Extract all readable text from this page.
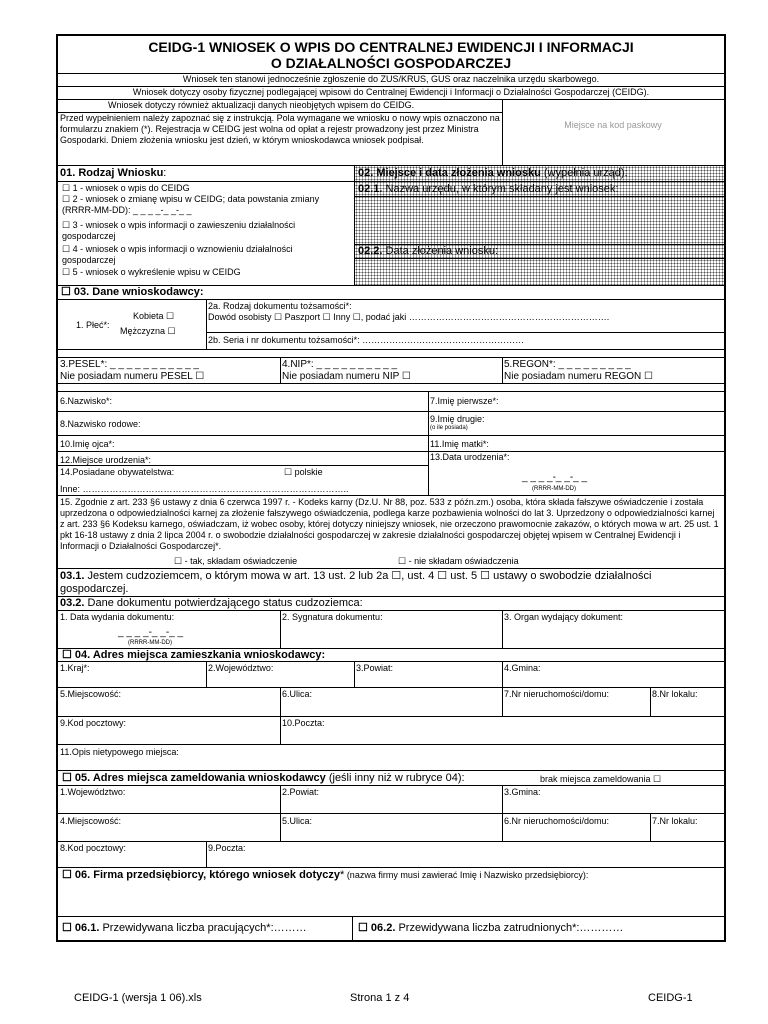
CEIDG-1 WNIOSEK O WPIS DO CENTRALNEJ EWIDENCJI I INFORMACJI
O DZIAŁALNOŚCI GOSPODARCZEJ
Wniosek ten stanowi jednocześnie zgłoszenie do ZUS/KRUS, GUS oraz naczelnika urzędu skarbowego.
Wniosek dotyczy osoby fizycznej podlegającej wpisowi do Centralnej Ewidencji i Informacji o Działalności Gospodarczej (CEIDG).
Wniosek dotyczy również aktualizacji danych nieobjętych wpisem do CEIDG.
Przed wypełnieniem należy zapoznać się z instrukcją. Pola wymagane we wniosku o nowy wpis oznaczono na formularzu znakiem (*). Rejestracja w CEIDG jest wolna od opłat a rejestr prowadzony jest przez Ministra Gospodarki. Dniem złożenia wniosku jest dzień, w którym wnioskodawca wniosek podpisał.
Miejsce na kod paskowy
01. Rodzaj Wniosku:
☐ 1 - wniosek o wpis do CEIDG
☐ 2 - wniosek o zmianę wpisu w CEIDG; data powstania zmiany
(RRRR-MM-DD): _ _ _ _-_ _-_ _
☐ 3 - wniosek o wpis informacji o zawieszeniu działalności
gospodarczej
☐ 4 - wniosek o wpis informacji o wznowieniu działalności
gospodarczej
☐ 5 - wniosek o wykreślenie wpisu w CEIDG
02. Miejsce i data złożenia wniosku (wypełnia urząd):
02.1. Nazwa urzędu, w którym składany jest wniosek:
02.2. Data złożenia wniosku:
☐ 03. Dane wnioskodawcy:
1. Płeć*:
Kobieta ☐
Mężczyzna ☐
2a. Rodzaj dokumentu tożsamości*:
Dowód osobisty ☐ Paszport ☐ Inny ☐, podać jaki ………………………………………………………….
2b. Seria i nr dokumentu tożsamości*: ………………………………………………
3.PESEL*: _ _ _ _ _ _ _ _ _ _ _
Nie posiadam numeru PESEL ☐
4.NIP*: _ _ _ _ _ _ _ _ _ _
Nie posiadam numeru NIP ☐
5.REGON*: _ _ _ _ _ _ _ _ _
Nie posiadam numeru REGON ☐
6.Nazwisko*:	7.Imię pierwsze*:
8.Nazwisko rodowe:	9.Imię drugie:
(o ile posiada)
10.Imię ojca*:	11.Imię matki*:
12.Miejsce urodzenia*:
14.Posiadane obywatelstwa:	☐ polskie
Inne: ……………………………………………………………………………..
13.Data urodzenia*:
_ _ _ _-_ _-_ _
(RRRR-MM-DD)
15. Zgodnie z art. 233 §6 ustawy z dnia 6 czerwca 1997 r. - Kodeks karny (Dz.U. Nr 88, poz. 533 z późn.zm.) osoba, która składa fałszywe oświadczenie i została uprzedzona o odpowiedzialności karnej za złożenie fałszywego oświadczenia, podlega karze pozbawienia wolności do lat 3. Uprzedzony o odpowiedzialności karnej z art. 233 §6 Kodeksu karnego, oświadczam, iż wobec osoby, której dotyczy niniejszy wniosek, nie orzeczono prawomocnie zakazów, o których mowa w art. 25 ust. 1 pkt 16-18 ustawy z dnia 2 lipca 2004 r. o swobodzie działalności gospodarczej w zakresie działalności gospodarczej objętej wpisem w Centralnej Ewidencji i Informacji o Działalności Gospodarczej*.
☐ - tak, składam oświadczenie	☐ - nie składam oświadczenia
03.1. Jestem cudzoziemcem, o którym mowa w art. 13 ust. 2 lub 2a ☐, ust. 4 ☐ ust. 5 ☐ ustawy o swobodzie działalności gospodarczej.
03.2. Dane dokumentu potwierdzającego status cudzoziemca:
1. Data wydania dokumentu:
_ _ _ _-_ _-_ _
(RRRR-MM-DD)
2. Sygnatura dokumentu:	3. Organ wydający dokument:
☐ 04. Adres miejsca zamieszkania wnioskodawcy:
1.Kraj*:	2.Województwo:	3.Powiat:	4.Gmina:
5.Miejscowość:	6.Ulica:	7.Nr nieruchomości/domu:	8.Nr lokalu:
9.Kod pocztowy:	10.Poczta:
11.Opis nietypowego miejsca:
☐ 05. Adres miejsca zameldowania wnioskodawcy (jeśli inny niż w rubryce 04):	brak miejsca zameldowania ☐
1.Województwo:	2.Powiat:	3.Gmina:
4.Miejscowość:	5.Ulica:	6.Nr nieruchomości/domu:	7.Nr lokalu:
8.Kod pocztowy:	9.Poczta:
☐ 06. Firma przedsiębiorcy, którego wniosek dotyczy* (nazwa firmy musi zawierać Imię i Nazwisko przedsiębiorcy):
☐ 06.1. Przewidywana liczba pracujących*:………	☐ 06.2. Przewidywana liczba zatrudnionych*:…………
CEIDG-1 (wersja 1 06).xls	Strona 1 z 4	CEIDG-1
